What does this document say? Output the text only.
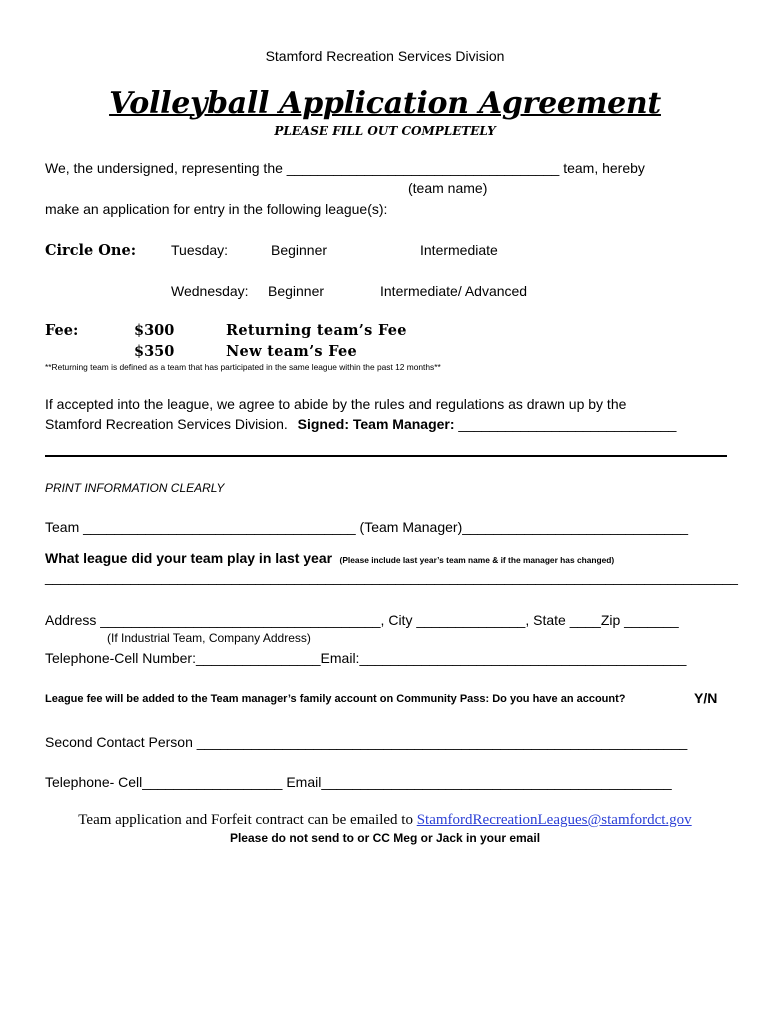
Stamford Recreation Services Division
Volleyball Application Agreement
PLEASE FILL OUT COMPLETELY
We, the undersigned, representing the ___________________________________ team, hereby
(team name)
make an application for entry in the following league(s):
Circle One: Tuesday:	Beginner	Intermediate
Wednesday: Beginner	Intermediate/ Advanced
Fee:	$300	Returning team’s Fee
$350	New team’s Fee
**Returning team is defined as a team that has participated in the same league within the past 12 months**
If accepted into the league, we agree to abide by the rules and regulations as drawn up by the
Stamford Recreation Services Division. Signed: Team Manager: ____________________________
PRINT INFORMATION CLEARLY
Team ___________________________________ (Team Manager)_____________________________
What league did your team play in last year (Please include last year’s team name & if the manager has changed)
_________________________________________________________________________________________
Address ____________________________________, City ______________, State ____Zip _______
(If Industrial Team, Company Address)
Telephone-Cell Number:________________Email:__________________________________________
League fee will be added to the Team manager’s family account on Community Pass: Do you have an account?	Y/N
Second Contact Person _______________________________________________________________
Telephone- Cell__________________ Email_____________________________________________
Team application and Forfeit contract can be emailed to StamfordRecreationLeagues@stamfordct.gov
Please do not send to or CC Meg or Jack in your email
